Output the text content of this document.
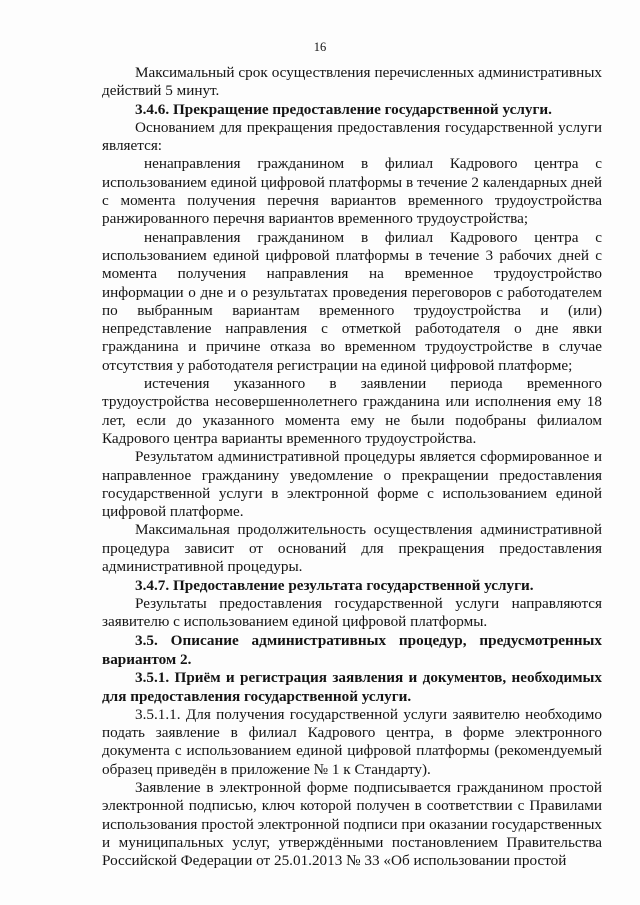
16

Максимальный срок осуществления перечисленных административных действий 5 минут.

3.4.6. Прекращение предоставление государственной услуги.

Основанием для прекращения предоставления государственной услуги является:

ненаправления гражданином в филиал Кадрового центра с использованием единой цифровой платформы в течение 2 календарных дней с момента получения перечня вариантов временного трудоустройства ранжированного перечня вариантов временного трудоустройства;

ненаправления гражданином в филиал Кадрового центра с использованием единой цифровой платформы в течение 3 рабочих дней с момента получения направления на временное трудоустройство информации о дне и о результатах проведения переговоров с работодателем по выбранным вариантам временного трудоустройства и (или) непредставление направления с отметкой работодателя о дне явки гражданина и причине отказа во временном трудоустройстве в случае отсутствия у работодателя регистрации на единой цифровой платформе;

истечения указанного в заявлении периода временного трудоустройства несовершеннолетнего гражданина или исполнения ему 18 лет, если до указанного момента ему не были подобраны филиалом Кадрового центра варианты временного трудоустройства.

Результатом административной процедуры является сформированное и направленное гражданину уведомление о прекращении предоставления государственной услуги в электронной форме с использованием единой цифровой платформе.

Максимальная продолжительность осуществления административной процедура зависит от оснований для прекращения предоставления административной процедуры.

3.4.7. Предоставление результата государственной услуги.

Результаты предоставления государственной услуги направляются заявителю с использованием единой цифровой платформы.

3.5. Описание административных процедур, предусмотренных вариантом 2.

3.5.1. Приём и регистрация заявления и документов, необходимых для предоставления государственной услуги.

3.5.1.1. Для получения государственной услуги заявителю необходимо подать заявление в филиал Кадрового центра, в форме электронного документа с использованием единой цифровой платформы (рекомендуемый образец приведён в приложение № 1 к Стандарту).

Заявление в электронной форме подписывается гражданином простой электронной подписью, ключ которой получен в соответствии с Правилами использования простой электронной подписи при оказании государственных и муниципальных услуг, утверждёнными постановлением Правительства Российской Федерации от 25.01.2013 № 33 «Об использовании простой
